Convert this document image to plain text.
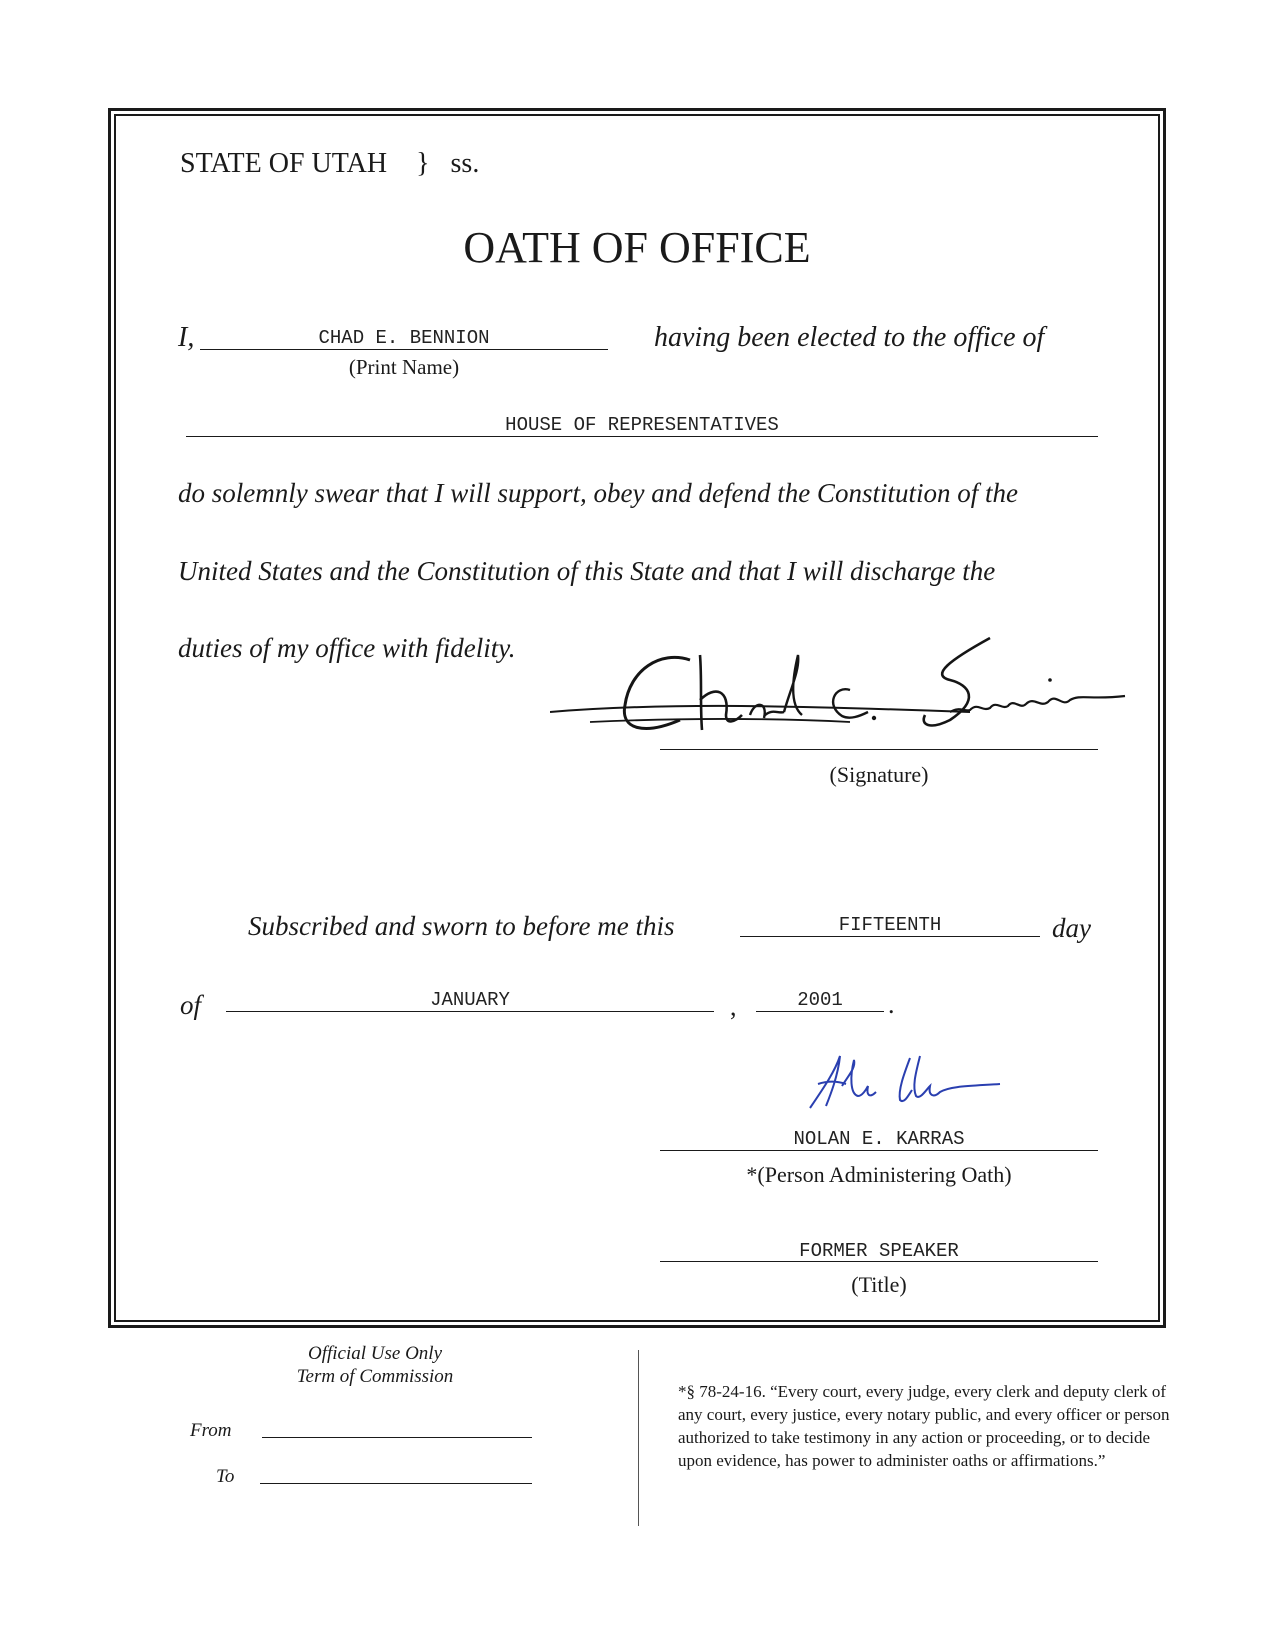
STATE OF UTAH } ss.
OATH OF OFFICE
I,	CHAD E. BENNION
(Print Name)
having been elected to the office of
HOUSE OF REPRESENTATIVES
do solemnly swear that I will support, obey and defend the Constitution of the
United States and the Constitution of this State and that I will discharge the
duties of my office with fidelity.
(Signature)
Subscribed and sworn to before me this	FIFTEENTH	day
of	JANUARY	,	2001	.
NOLAN E. KARRAS
*(Person Administering Oath)
FORMER SPEAKER
(Title)
Official Use Only
Term of Commission
From
To
*§ 78-24-16. “Every court, every judge, every clerk and deputy clerk of any court, every justice, every notary public, and every officer or person authorized to take testimony in any action or proceeding, or to decide upon evidence, has power to administer oaths or affirmations.”
